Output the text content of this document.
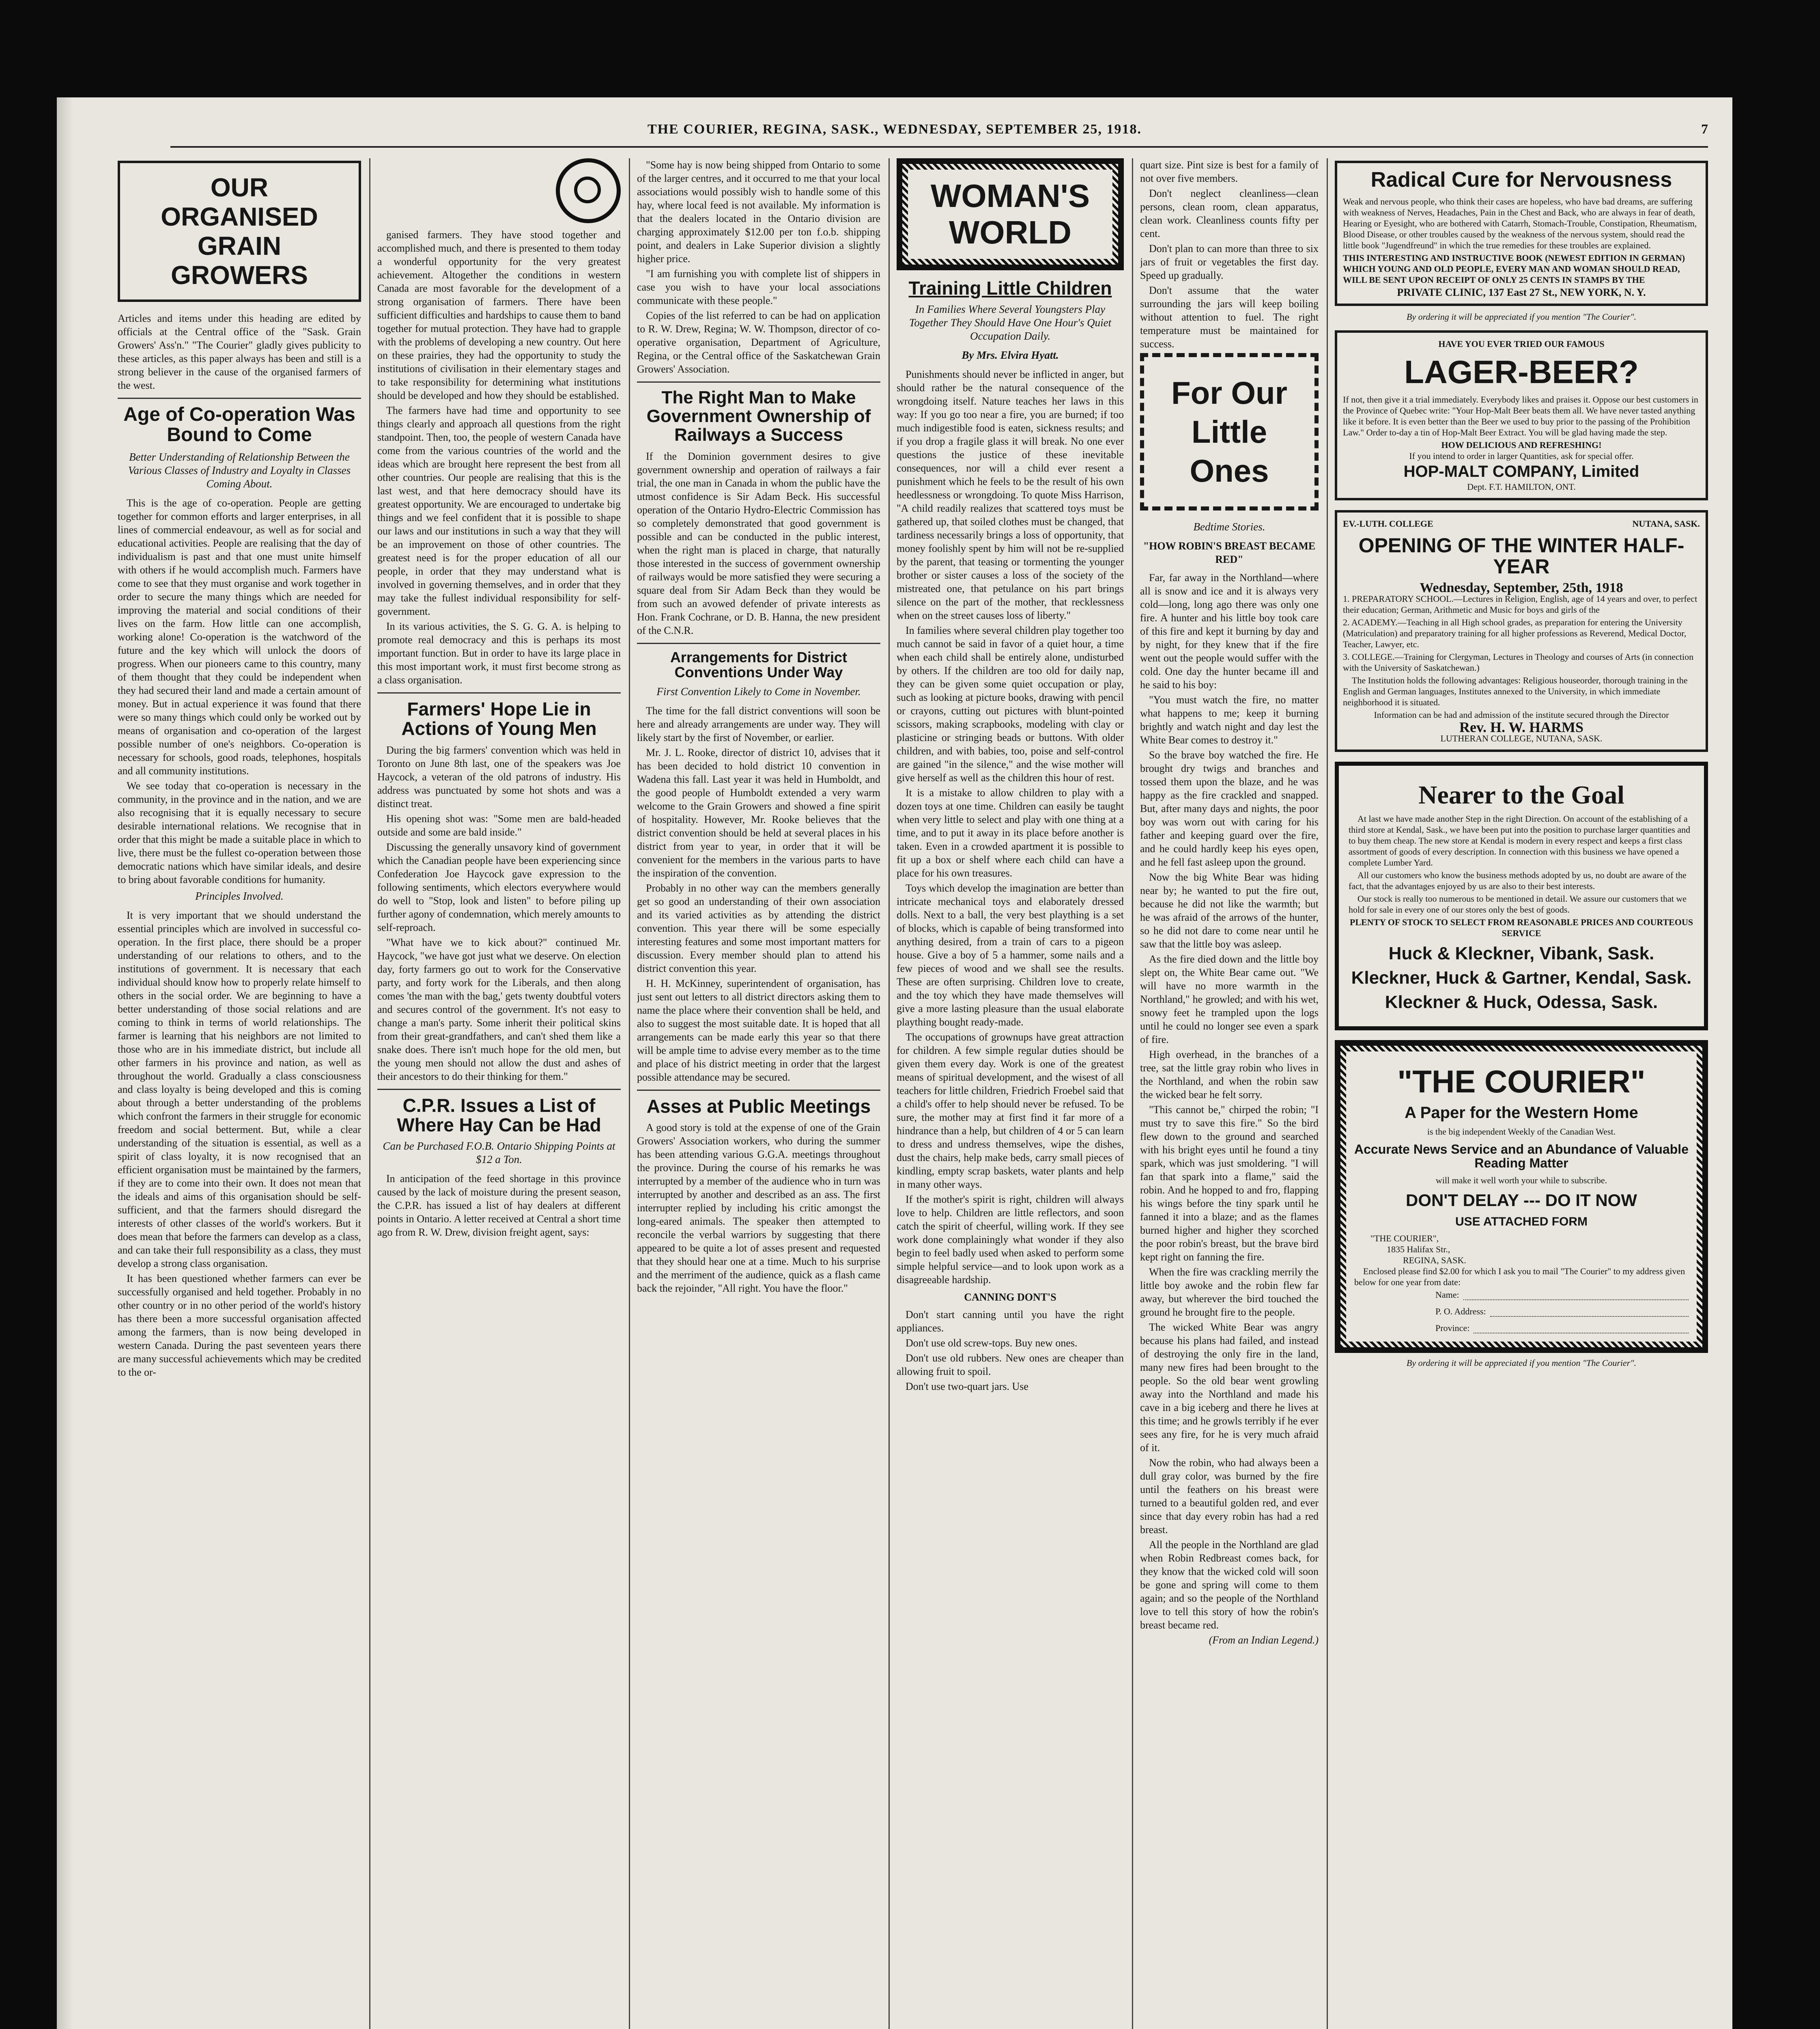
THE COURIER, REGINA, SASK., WEDNESDAY, SEPTEMBER 25, 1918.	7
OUR ORGANISED
GRAIN GROWERS

Articles and items under this heading are edited by officials at the Central office of the "Sask. Grain Growers' Ass'n." "The Courier" gladly gives publicity to these articles, as this paper always has been and still is a strong believer in the cause of the organised farmers of the west.

Age of Co-operation Was Bound to Come
Better Understanding of Relationship Between the Various Classes of Industry and Loyalty in Classes Coming About.

This is the age of co-operation. People are getting together for common efforts and larger enterprises, in all lines of commercial endeavour, as well as for social and educational activities. People are realising that the day of individualism is past and that one must unite himself with others if he would accomplish much. Farmers have come to see that they must organise and work together in order to secure the many things which are needed for improving the material and social conditions of their lives on the farm. How little can one accomplish, working alone! Co-operation is the watchword of the future and the key which will unlock the doors of progress. When our pioneers came to this country, many of them thought that they could be independent when they had secured their land and made a certain amount of money. But in actual experience it was found that there were so many things which could only be worked out by means of organisation and co-operation of the largest possible number of one's neighbors. Co-operation is necessary for schools, good roads, telephones, hospitals and all community institutions.

We see today that co-operation is necessary in the community, in the province and in the nation, and we are also recognising that it is equally necessary to secure desirable international relations. We recognise that in order that this might be made a suitable place in which to live, there must be the fullest co-operation between those democratic nations which have similar ideals, and desire to bring about favorable conditions for humanity.

Principles Involved.

It is very important that we should understand the essential principles which are involved in successful co-operation. In the first place, there should be a proper understanding of our relations to others, and to the institutions of government. It is necessary that each individual should know how to properly relate himself to others in the social order. We are beginning to have a better understanding of those social relations and are coming to think in terms of world relationships. The farmer is learning that his neighbors are not limited to those who are in his immediate district, but include all other farmers in his province and nation, as well as throughout the world. Gradually a class consciousness and class loyalty is being developed and this is coming about through a better understanding of the problems which confront the farmers in their struggle for economic freedom and social betterment. But, while a clear understanding of the situation is essential, as well as a spirit of class loyalty, it is now recognised that an efficient organisation must be maintained by the farmers, if they are to come into their own. It does not mean that the ideals and aims of this organisation should be self-sufficient, and that the farmers should disregard the interests of other classes of the world's workers. But it does mean that before the farmers can develop as a class, and can take their full responsibility as a class, they must develop a strong class organisation.

It has been questioned whether farmers can ever be successfully organised and held together. Probably in no other country or in no other period of the world's history has there been a more successful organisation affected among the farmers, than is now being developed in western Canada. During the past seventeen years there are many successful achievements which may be credited to the or-

ganised farmers. They have stood together and accomplished much, and there is presented to them today a wonderful opportunity for the very greatest achievement. Altogether the conditions in western Canada are most favorable for the development of a strong organisation of farmers. There have been sufficient difficulties and hardships to cause them to band together for mutual protection. They have had to grapple with the problems of developing a new country. Out here on these prairies, they had the opportunity to study the institutions of civilisation in their elementary stages and to take responsibility for determining what institutions should be developed and how they should be established.

The farmers have had time and opportunity to see things clearly and approach all questions from the right standpoint. Then, too, the people of western Canada have come from the various countries of the world and the ideas which are brought here represent the best from all other countries. Our people are realising that this is the last west, and that here democracy should have its greatest opportunity. We are encouraged to undertake big things and we feel confident that it is possible to shape our laws and our institutions in such a way that they will be an improvement on those of other countries. The greatest need is for the proper education of all our people, in order that they may understand what is involved in governing themselves, and in order that they may take the fullest individual responsibility for self-government.

In its various activities, the S. G. G. A. is helping to promote real democracy and this is perhaps its most important function. But in order to have its large place in this most important work, it must first become strong as a class organisation.

Farmers' Hope Lie in Actions of Young Men

During the big farmers' convention which was held in Toronto on June 8th last, one of the speakers was Joe Haycock, a veteran of the old patrons of industry. His address was punctuated by some hot shots and was a distinct treat.

His opening shot was: "Some men are bald-headed outside and some are bald inside."

Discussing the generally unsavory kind of government which the Canadian people have been experiencing since Confederation Joe Haycock gave expression to the following sentiments, which electors everywhere would do well to "Stop, look and listen" to before piling up further agony of condemnation, which merely amounts to self-reproach.

"What have we to kick about?" continued Mr. Haycock, "we have got just what we deserve. On election day, forty farmers go out to work for the Conservative party, and forty work for the Liberals, and then along comes 'the man with the bag,' gets twenty doubtful voters and secures control of the government. It's not easy to change a man's party. Some inherit their political skins from their great-grandfathers, and can't shed them like a snake does. There isn't much hope for the old men, but the young men should not allow the dust and ashes of their ancestors to do their thinking for them."

C.P.R. Issues a List of Where Hay Can be Had
Can be Purchased F.O.B. Ontario Shipping Points at $12 a Ton.

In anticipation of the feed shortage in this province caused by the lack of moisture during the present season, the C.P.R. has issued a list of hay dealers at different points in Ontario. A letter received at Central a short time ago from R. W. Drew, division freight agent, says:

"Some hay is now being shipped from Ontario to some of the larger centres, and it occurred to me that your local associations would possibly wish to handle some of this hay, where local feed is not available. My information is that the dealers located in the Ontario division are charging approximately $12.00 per ton f.o.b. shipping point, and dealers in Lake Superior division a slightly higher price.

"I am furnishing you with complete list of shippers in case you wish to have your local associations communicate with these people."

Copies of the list referred to can be had on application to R. W. Drew, Regina; W. W. Thompson, director of co-operative organisation, Department of Agriculture, Regina, or the Central office of the Saskatchewan Grain Growers' Association.

The Right Man to Make Government Ownership of Railways a Success

If the Dominion government desires to give government ownership and operation of railways a fair trial, the one man in Canada in whom the public have the utmost confidence is Sir Adam Beck. His successful operation of the Ontario Hydro-Electric Commission has so completely demonstrated that good government is possible and can be conducted in the public interest, when the right man is placed in charge, that naturally those interested in the success of government ownership of railways would be more satisfied they were securing a square deal from Sir Adam Beck than they would be from such an avowed defender of private interests as Hon. Frank Cochrane, or D. B. Hanna, the new president of the C.N.R.

Arrangements for District Conventions Under Way
First Convention Likely to Come in November.

The time for the fall district conventions will soon be here and already arrangements are under way. They will likely start by the first of November, or earlier.

Mr. J. L. Rooke, director of district 10, advises that it has been decided to hold district 10 convention in Wadena this fall. Last year it was held in Humboldt, and the good people of Humboldt extended a very warm welcome to the Grain Growers and showed a fine spirit of hospitality. However, Mr. Rooke believes that the district convention should be held at several places in his district from year to year, in order that it will be convenient for the members in the various parts to have the inspiration of the convention.

Probably in no other way can the members generally get so good an understanding of their own association and its varied activities as by attending the district convention. This year there will be some especially interesting features and some most important matters for discussion. Every member should plan to attend his district convention this year.

H. H. McKinney, superintendent of organisation, has just sent out letters to all district directors asking them to name the place where their convention shall be held, and also to suggest the most suitable date. It is hoped that all arrangements can be made early this year so that there will be ample time to advise every member as to the time and place of his district meeting in order that the largest possible attendance may be secured.

Asses at Public Meetings

A good story is told at the expense of one of the Grain Growers' Association workers, who during the summer has been attending various G.G.A. meetings throughout the province. During the course of his remarks he was interrupted by a member of the audience who in turn was interrupted by another and described as an ass. The first interrupter replied by including his critic amongst the long-eared animals. The speaker then attempted to reconcile the verbal warriors by suggesting that there appeared to be quite a lot of asses present and requested that they should hear one at a time. Much to his surprise and the merriment of the audience, quick as a flash came back the rejoinder, "All right. You have the floor."

WOMAN'S WORLD
Training Little Children
In Families Where Several Youngsters Play Together They Should Have One Hour's Quiet Occupation Daily.
By Mrs. Elvira Hyatt.

Punishments should never be inflicted in anger, but should rather be the natural consequence of the wrongdoing itself. Nature teaches her laws in this way: If you go too near a fire, you are burned; if too much indigestible food is eaten, sickness results; and if you drop a fragile glass it will break. No one ever questions the justice of these inevitable consequences, nor will a child ever resent a punishment which he feels to be the result of his own heedlessness or wrongdoing. To quote Miss Harrison, "A child readily realizes that scattered toys must be gathered up, that soiled clothes must be changed, that tardiness necessarily brings a loss of opportunity, that money foolishly spent by him will not be re-supplied by the parent, that teasing or tormenting the younger brother or sister causes a loss of the society of the mistreated one, that petulance on his part brings silence on the part of the mother, that recklessness when on the street causes loss of liberty."

In families where several children play together too much cannot be said in favor of a quiet hour, a time when each child shall be entirely alone, undisturbed by others. If the children are too old for daily nap, they can be given some quiet occupation or play, such as looking at picture books, drawing with pencil or crayons, cutting out pictures with blunt-pointed scissors, making scrapbooks, modeling with clay or plasticine or stringing beads or buttons. With older children, and with babies, too, poise and self-control are gained "in the silence," and the wise mother will give herself as well as the children this hour of rest.

It is a mistake to allow children to play with a dozen toys at one time. Children can easily be taught when very little to select and play with one thing at a time, and to put it away in its place before another is taken. Even in a crowded apartment it is possible to fit up a box or shelf where each child can have a place for his own treasures.

Toys which develop the imagination are better than intricate mechanical toys and elaborately dressed dolls. Next to a ball, the very best plaything is a set of blocks, which is capable of being transformed into anything desired, from a train of cars to a pigeon house. Give a boy of 5 a hammer, some nails and a few pieces of wood and we shall see the results. These are often surprising. Children love to create, and the toy which they have made themselves will give a more lasting pleasure than the usual elaborate plaything bought ready-made.

The occupations of grownups have great attraction for children. A few simple regular duties should be given them every day. Work is one of the greatest means of spiritual development, and the wisest of all teachers for little children, Friedrich Froebel said that a child's offer to help should never be refused. To be sure, the mother may at first find it far more of a hindrance than a help, but children of 4 or 5 can learn to dress and undress themselves, wipe the dishes, dust the chairs, help make beds, carry small pieces of kindling, empty scrap baskets, water plants and help in many other ways.

If the mother's spirit is right, children will always love to help. Children are little reflectors, and soon catch the spirit of cheerful, willing work. If they see work done complainingly what wonder if they also begin to feel badly used when asked to perform some simple helpful service—and to look upon work as a disagreeable hardship.

CANNING DONT'S

Don't start canning until you have the right appliances.

Don't use old screw-tops. Buy new ones.

Don't use old rubbers. New ones are cheaper than allowing fruit to spoil.

Don't use two-quart jars. Use

quart size. Pint size is best for a family of not over five members.

Don't neglect cleanliness—clean persons, clean room, clean apparatus, clean work. Cleanliness counts fifty per cent.

Don't plan to can more than three to six jars of fruit or vegetables the first day. Speed up gradually.

Don't assume that the water surrounding the jars will keep boiling without attention to fuel. The right temperature must be maintained for success.

For Our
Little Ones
Bedtime Stories.
"HOW ROBIN'S BREAST BECAME RED"

Far, far away in the Northland—where all is snow and ice and it is always very cold—long, long ago there was only one fire. A hunter and his little boy took care of this fire and kept it burning by day and by night, for they knew that if the fire went out the people would suffer with the cold. One day the hunter became ill and he said to his boy:

"You must watch the fire, no matter what happens to me; keep it burning brightly and watch night and day lest the White Bear comes to destroy it."

So the brave boy watched the fire. He brought dry twigs and branches and tossed them upon the blaze, and he was happy as the fire crackled and snapped. But, after many days and nights, the poor boy was worn out with caring for his father and keeping guard over the fire, and he could hardly keep his eyes open, and he fell fast asleep upon the ground.

Now the big White Bear was hiding near by; he wanted to put the fire out, because he did not like the warmth; but he was afraid of the arrows of the hunter, so he did not dare to come near until he saw that the little boy was asleep.

As the fire died down and the little boy slept on, the White Bear came out. "We will have no more warmth in the Northland," he growled; and with his wet, snowy feet he trampled upon the logs until he could no longer see even a spark of fire.

High overhead, in the branches of a tree, sat the little gray robin who lives in the Northland, and when the robin saw the wicked bear he felt sorry.

"This cannot be," chirped the robin; "I must try to save this fire." So the bird flew down to the ground and searched with his bright eyes until he found a tiny spark, which was just smoldering. "I will fan that spark into a flame," said the robin. And he hopped to and fro, flapping his wings before the tiny spark until he fanned it into a blaze; and as the flames burned higher and higher they scorched the poor robin's breast, but the brave bird kept right on fanning the fire.

When the fire was crackling merrily the little boy awoke and the robin flew far away, but wherever the bird touched the ground he brought fire to the people.

The wicked White Bear was angry because his plans had failed, and instead of destroying the only fire in the land, many new fires had been brought to the people. So the old bear went growling away into the Northland and made his cave in a big iceberg and there he lives at this time; and he growls terribly if he ever sees any fire, for he is very much afraid of it.

Now the robin, who had always been a dull gray color, was burned by the fire until the feathers on his breast were turned to a beautiful golden red, and ever since that day every robin has had a red breast.

All the people in the Northland are glad when Robin Redbreast comes back, for they know that the wicked cold will soon be gone and spring will come to them again; and so the people of the Northland love to tell this story of how the robin's breast became red.

(From an Indian Legend.)
Radical Cure for Nervousness

Weak and nervous people, who think their cases are hopeless, who have bad dreams, are suffering with weakness of Nerves, Headaches, Pain in the Chest and Back, who are always in fear of death, Hearing or Eyesight, who are bothered with Catarrh, Stomach-Trouble, Constipation, Rheumatism, Blood Disease, or other troubles caused by the weakness of the nervous system, should read the little book "Jugendfreund" in which the true remedies for these troubles are explained.

THIS INTERESTING AND INSTRUCTIVE BOOK (NEWEST EDITION IN GERMAN) WHICH YOUNG AND OLD PEOPLE, EVERY MAN AND WOMAN SHOULD READ, WILL BE SENT UPON RECEIPT OF ONLY 25 CENTS IN STAMPS BY THE

PRIVATE CLINIC, 137 East 27 St., NEW YORK, N. Y.
By ordering it will be appreciated if you mention "The Courier".
HAVE YOU EVER TRIED OUR FAMOUS
LAGER-BEER?

If not, then give it a trial immediately. Everybody likes and praises it. Oppose our best customers in the Province of Quebec write: "Your Hop-Malt Beer beats them all. We have never tasted anything like it before. It is even better than the Beer we used to buy prior to the passing of the Prohibition Law." Order to-day a tin of Hop-Malt Beer Extract. You will be glad having made the step.

HOW DELICIOUS AND REFRESHING!
If you intend to order in larger Quantities, ask for special offer.
HOP-MALT COMPANY, Limited
Dept. F.T. HAMILTON, ONT.
EV.-LUTH. COLLEGE	NUTANA, SASK.
OPENING OF THE WINTER HALF-YEAR
Wednesday, September, 25th, 1918

1. PREPARATORY SCHOOL.—Lectures in Religion, English, age of 14 years and over, to perfect their education; German, Arithmetic and Music for boys and girls of the

2. ACADEMY.—Teaching in all High school grades, as preparation for entering the University (Matriculation) and preparatory training for all higher professions as Reverend, Medical Doctor, Teacher, Lawyer, etc.

3. COLLEGE.—Training for Clergyman, Lectures in Theology and courses of Arts (in connection with the University of Saskatchewan.)

The Institution holds the following advantages: Religious houseorder, thorough training in the English and German languages, Institutes annexed to the University, in which immediate neighborhood it is situated.

Information can be had and admission of the institute secured through the Director

Rev. H. W. HARMS
LUTHERAN COLLEGE, NUTANA, SASK.
Nearer to the Goal

At last we have made another Step in the right Direction. On account of the establishing of a third store at Kendal, Sask., we have been put into the position to purchase larger quantities and to buy them cheap. The new store at Kendal is modern in every respect and keeps a first class assortment of goods of every description. In connection with this business we have opened a complete Lumber Yard.

All our customers who know the business methods adopted by us, no doubt are aware of the fact, that the advantages enjoyed by us are also to their best interests.

Our stock is really too numerous to be mentioned in detail. We assure our customers that we hold for sale in every one of our stores only the best of goods.

PLENTY OF STOCK TO SELECT FROM REASONABLE PRICES AND COURTEOUS SERVICE
Huck & Kleckner, Vibank, Sask.
Kleckner, Huck & Gartner, Kendal, Sask.
Kleckner & Huck, Odessa, Sask.
"THE COURIER"
A Paper for the Western Home
is the big independent Weekly of the Canadian West.
Accurate News Service and an Abundance of Valuable Reading Matter
will make it well worth your while to subscribe.
DON'T DELAY --- DO IT NOW
USE ATTACHED FORM
"THE COURIER",
1835 Halifax Str.,
REGINA, SASK.

Enclosed please find $2.00 for which I ask you to mail "The Courier" to my address given below for one year from date:

Name:
P. O. Address:
Province:
By ordering it will be appreciated if you mention "The Courier".
